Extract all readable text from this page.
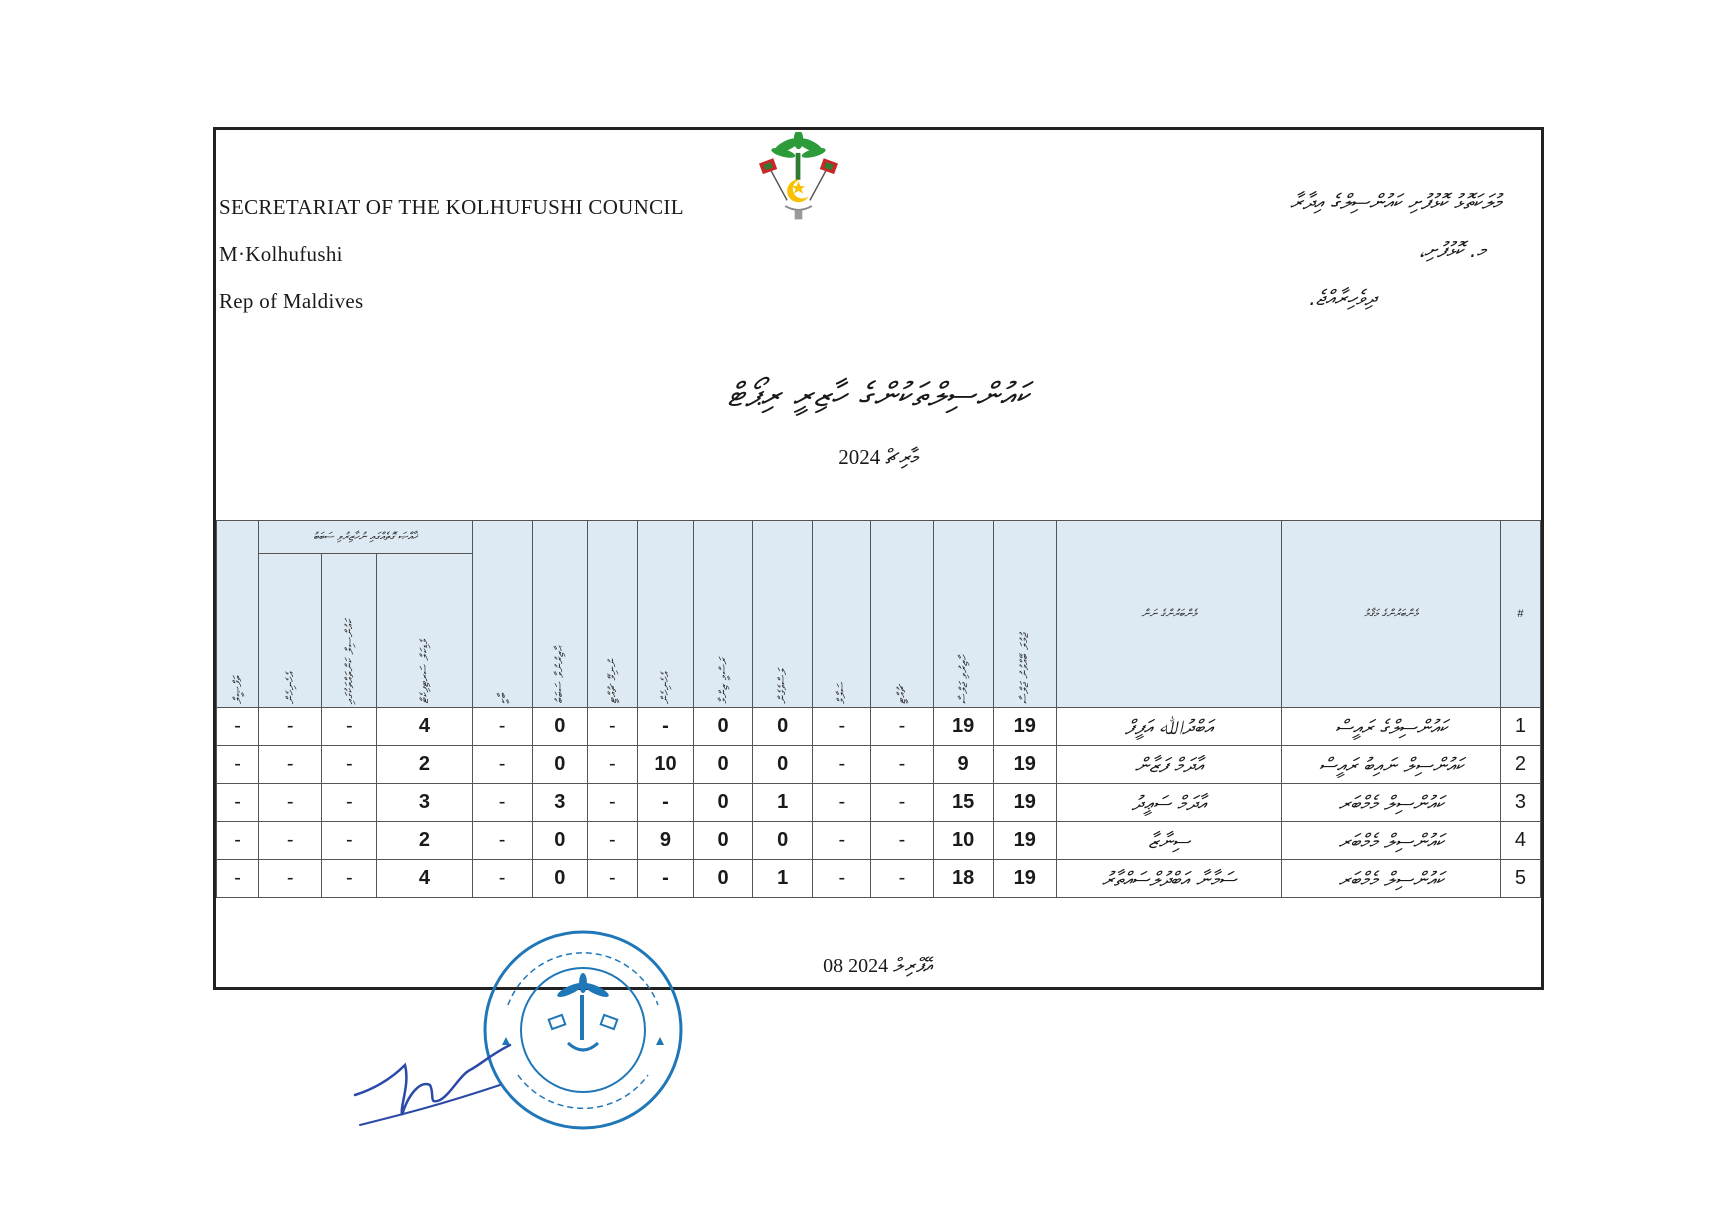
SECRETARIAT OF THE KOLHUFUSHI COUNCIL
M·Kolhufushi
Rep of Maldives
މުލަކަތޮޅު ކޮޅުފުށި ކައުންސިލްގެ އިދާރާ
މ. ކޮޅުފުށި،
ދިވެހިރާއްޖެ.
ކައުންސިލްތަކުންގެ ހާޒިރީ ރިޕޯޓް
2024 މާރިޗް
ތަފްޞީލް	ޚާއްޞަ ގޮތެއްގައި ނުހާޒިރުވި ސަބަބު			ބާކީ	ޙާޒިރުނުވާ ސަބަބު	ނުނިމޭ ޗުއްޓީ	އެހެނިހެން	ރަސްމީ ޒިންމާ	ލަސްވެގެން	ސަލާމް	ޗުއްޓީ	ހާޒިރުވި ޖަލްސާ	ޖުމުލަ ބޭއްވުނު ޖަލްސާ	މެންބަރުންގެ ނަން	މެންބަރުންގެ މަޤާމު	#
	އެހެނިހެން	ކައުންސިލް ކަންތައްތަކުގައި	މެޑިކަލް ސަރޓިފިކެޓް													
-	-	-	4	-	0	-	-	0	0	-	-	19	19	އަބްދުﷲ އަފީފް	ކައުންސިލްގެ ރައީސް	1
-	-	-	2	-	0	-	10	0	0	-	-	9	19	އާދަމް ފަޒާން	ކައުންސިލް ނައިބު ރައީސް	2
-	-	-	3	-	3	-	-	0	1	-	-	15	19	އާދަމް ސަޢީދު	ކައުންސިލް މެމްބަރ	3
-	-	-	2	-	0	-	9	0	0	-	-	10	19	ސިނާޒާ	ކައުންސިލް މެމްބަރ	4
-	-	-	4	-	0	-	-	0	1	-	-	18	19	ސަމާނާ އަބްދުލްސައްތާރު	ކައުންސިލް މެމްބަރ	5
08 އޭޕްރިލް 2024
